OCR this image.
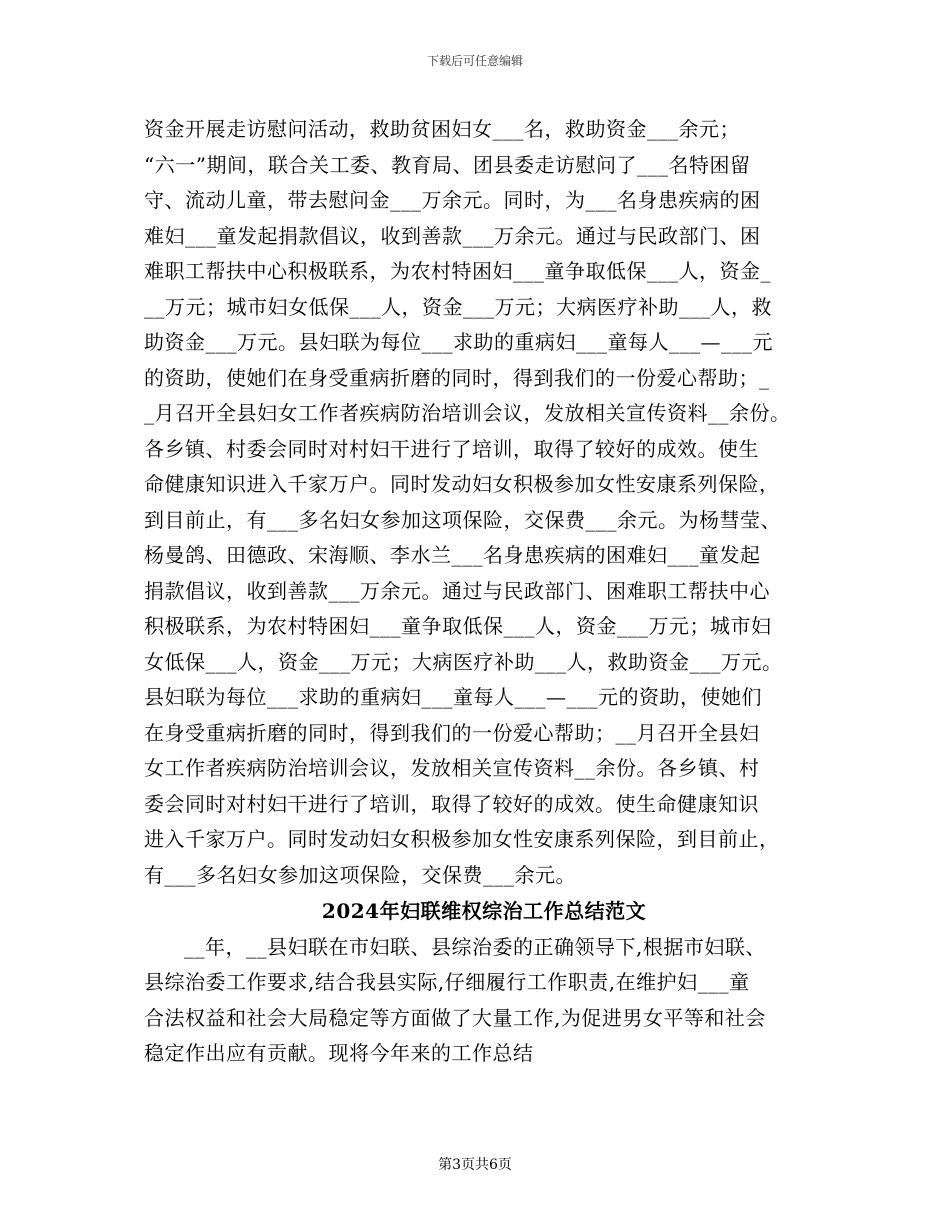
下载后可任意编辑
资金开展走访慰问活动，救助贫困妇女___名，救助资金___余元；
“六一”期间，联合关工委、教育局、团县委走访慰问了___名特困留
守、流动儿童，带去慰问金___万余元。同时，为___名身患疾病的困
难妇___童发起捐款倡议，收到善款___万余元。通过与民政部门、困
难职工帮扶中心积极联系，为农村特困妇___童争取低保___人，资金_
__万元；城市妇女低保___人，资金___万元；大病医疗补助___人，救
助资金___万元。县妇联为每位___求助的重病妇___童每人___—___元
的资助，使她们在身受重病折磨的同时，得到我们的一份爱心帮助；_
_月召开全县妇女工作者疾病防治培训会议，发放相关宣传资料__余份。
各乡镇、村委会同时对村妇干进行了培训，取得了较好的成效。使生
命健康知识进入千家万户。同时发动妇女积极参加女性安康系列保险，
到目前止，有___多名妇女参加这项保险，交保费___余元。为杨彗莹、
杨曼鸽、田德政、宋海顺、李水兰___名身患疾病的困难妇___童发起
捐款倡议，收到善款___万余元。通过与民政部门、困难职工帮扶中心
积极联系，为农村特困妇___童争取低保___人，资金___万元；城市妇
女低保___人，资金___万元；大病医疗补助___人，救助资金___万元。
县妇联为每位___求助的重病妇___童每人___—___元的资助，使她们
在身受重病折磨的同时，得到我们的一份爱心帮助；__月召开全县妇
女工作者疾病防治培训会议，发放相关宣传资料__余份。各乡镇、村
委会同时对村妇干进行了培训，取得了较好的成效。使生命健康知识
进入千家万户。同时发动妇女积极参加女性安康系列保险，到目前止，
有___多名妇女参加这项保险，交保费___余元。
2024年妇联维权综治工作总结范文
__年，__县妇联在市妇联、县综治委的正确领导下,根据市妇联、
县综治委工作要求,结合我县实际,仔细履行工作职责,在维护妇___童
合法权益和社会大局稳定等方面做了大量工作,为促进男女平等和社会
稳定作出应有贡献。现将今年来的工作总结
第3页共6页
